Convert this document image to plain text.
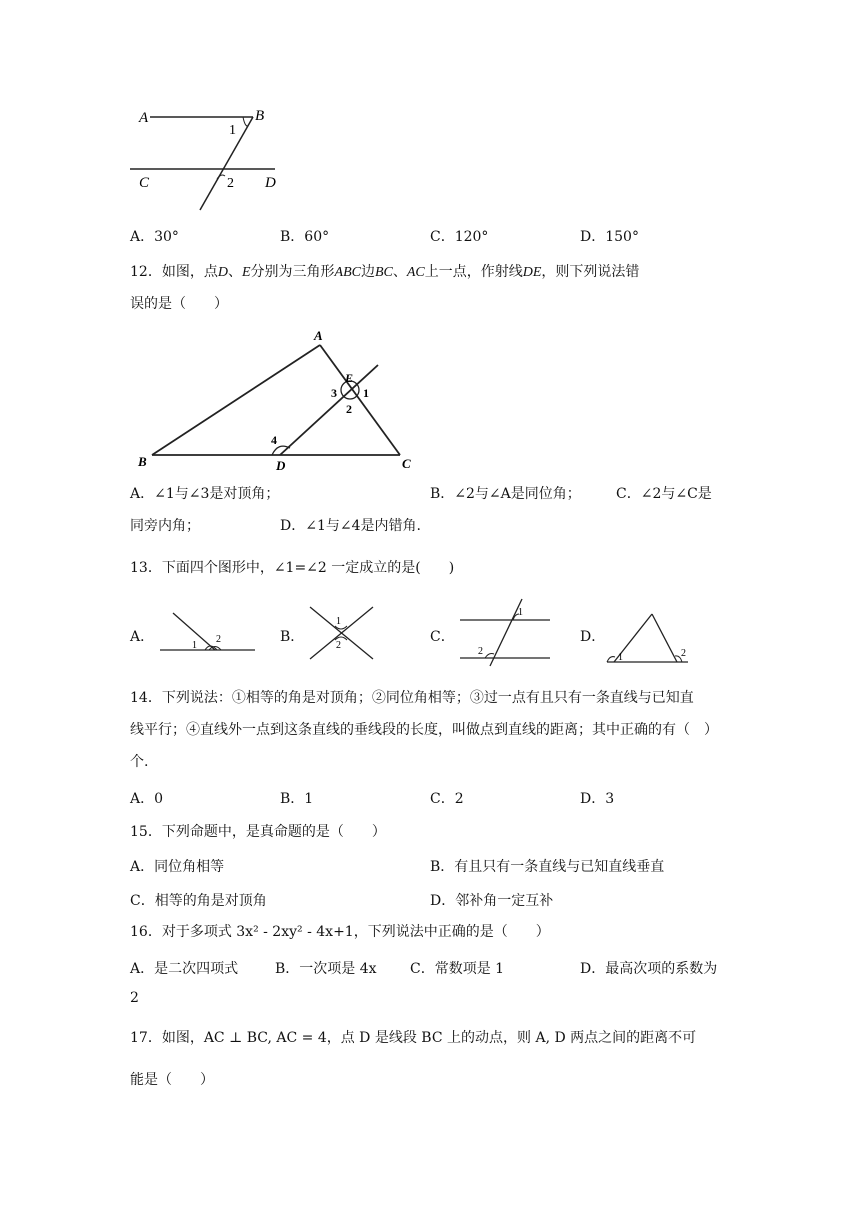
A	B
C	D
1
2
A．30°	B．60°	C．120°	D．150°
12．如图，点D、E分别为三角形ABC边BC、AC上一点，作射线DE，则下列说法错
误的是（　　）
A
B	C
D
E
1
2
3
4
A．∠1与∠3是对顶角；	B．∠2与∠A是同位角；	C．∠2与∠C是
同旁内角；	D．∠1与∠4是内错角.
13．下面四个图形中，∠1=∠2 一定成立的是(　　)
A．
1
2	B．
1
2
C．
1
2
D．
1	2
14．下列说法：①相等的角是对顶角；②同位角相等；③过一点有且只有一条直线与已知直
线平行；④直线外一点到这条直线的垂线段的长度，叫做点到直线的距离；其中正确的有（　）
个.
A．0	B．1	C．2	D．3
15．下列命题中，是真命题的是（　　）
A．同位角相等	B．有且只有一条直线与已知直线垂直
C．相等的角是对顶角	D．邻补角一定互补
16．对于多项式 3x² - 2xy² - 4x+1，下列说法中正确的是（　　）
A．是二次四项式	B．一次项是 4x C．常数项是 1	D．最高次项的系数为
2
17．如图，AC ⊥ BC, AC = 4，点 D 是线段 BC 上的动点，则 A, D 两点之间的距离不可
能是（　　）
